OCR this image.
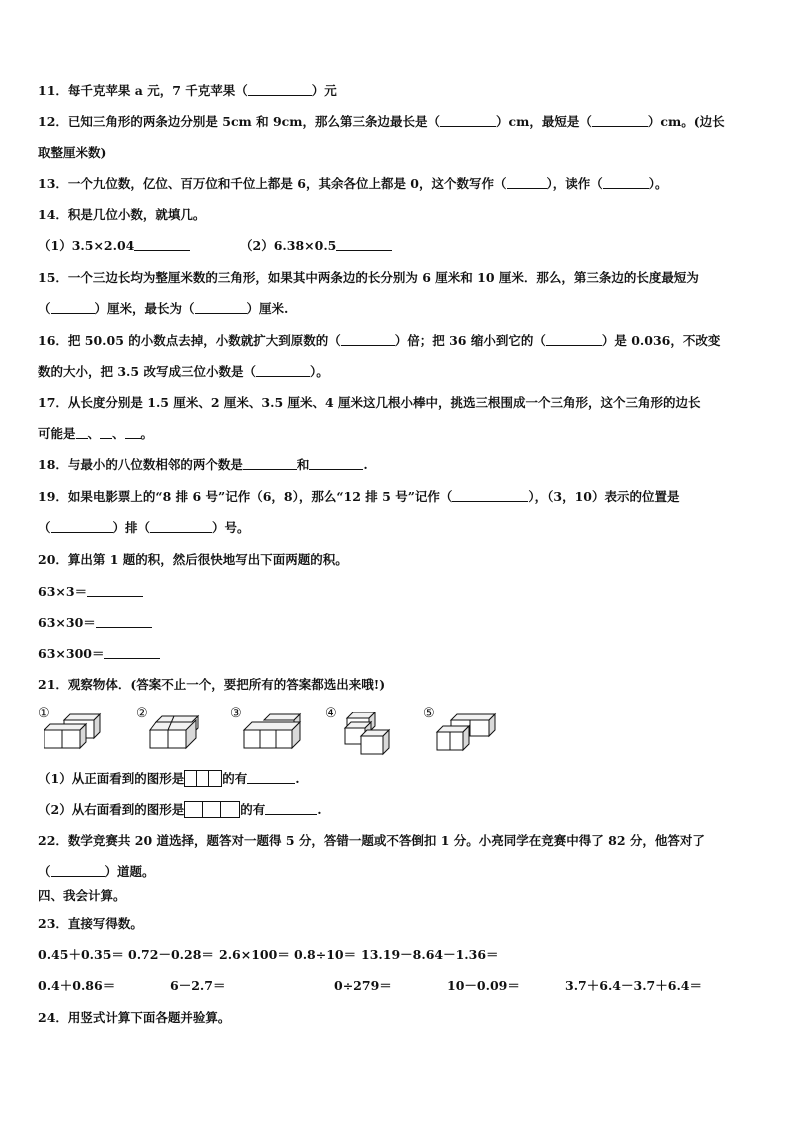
11．每千克苹果 a 元，7 千克苹果（	）元
12．已知三角形的两条边分别是 5cm 和 9cm，那么第三条边最长是（	）cm，最短是（	）cm。(边长
取整厘米数)
13．一个九位数，亿位、百万位和千位上都是 6，其余各位上都是 0，这个数写作（	），读作（	）。
14．积是几位小数，就填几。
（1）3.5×2.04	（2）6.38×0.5
15．一个三边长均为整厘米数的三角形，如果其中两条边的长分别为 6 厘米和 10 厘米．那么，第三条边的长度最短为
（	）厘米，最长为（	）厘米.
16．把 50.05 的小数点去掉，小数就扩大到原数的（	）倍；把 36 缩小到它的（	）是 0.036，不改变
数的大小，把 3.5 改写成三位小数是（	）。
17．从长度分别是 1.5 厘米、2 厘米、3.5 厘米、4 厘米这几根小棒中，挑选三根围成一个三角形，这个三角形的边长
可能是 、 、 。
18．与最小的八位数相邻的两个数是	和	.
19．如果电影票上的“8 排 6 号”记作（6，8），那么“12 排 5 号”记作（	），（3，10）表示的位置是
（	）排（	）号。
20．算出第 1 题的积，然后很快地写出下面两题的积。
63×3＝
63×30＝
63×300＝
21．观察物体．(答案不止一个，要把所有的答案都选出来哦!)
①	②	③	④	⑤
（1）从正面看到的图形是	的有	.
（2）从右面看到的图形是	的有	.
22．数学竞赛共 20 道选择，题答对一题得 5 分，答错一题或不答倒扣 1 分。小亮同学在竞赛中得了 82 分，他答对了
（	）道题。
四、我会计算。
23．直接写得数。
0.45＋0.35＝ 0.72－0.28＝ 2.6×100＝ 0.8÷10＝ 13.19－8.64－1.36＝
0.4＋0.86＝	6－2.7＝	0÷279＝	10－0.09＝	3.7＋6.4－3.7＋6.4＝
24．用竖式计算下面各题并验算。
